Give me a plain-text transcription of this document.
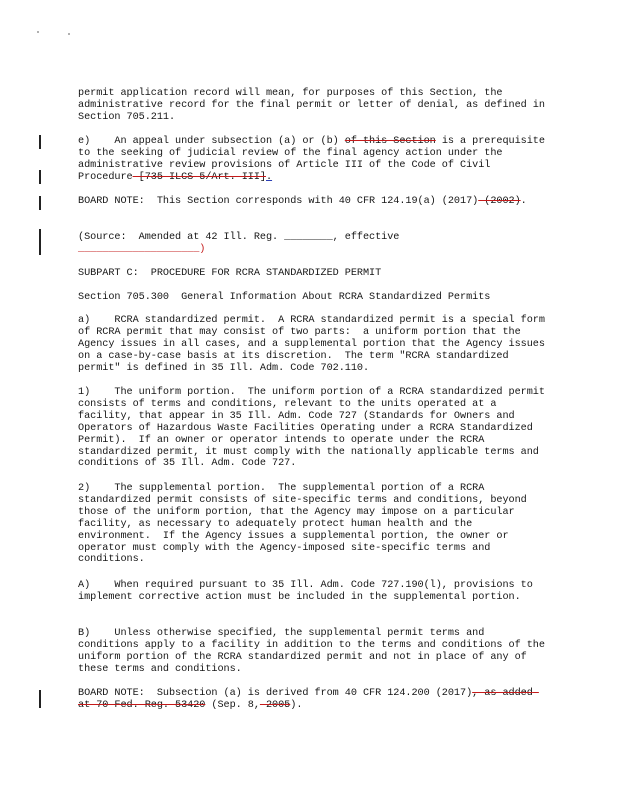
permit application record will mean, for purposes of this Section, the administrative record for the final permit or letter of denial, as defined in Section 705.211.

e)    An appeal under subsection (a) or (b) of this Section is a prerequisite to the seeking of judicial review of the final agency action under the administrative review provisions of Article III of the Code of Civil Procedure [735 ILCS 5/Art. III].

BOARD NOTE:  This Section corresponds with 40 CFR 124.19(a) (2017) (2002).

(Source:  Amended at 42 Ill. Reg. ________, effective
____________________)

SUBPART C:  PROCEDURE FOR RCRA STANDARDIZED PERMIT

Section 705.300  General Information About RCRA Standardized Permits

a)    RCRA standardized permit.  A RCRA standardized permit is a special form of RCRA permit that may consist of two parts:  a uniform portion that the Agency issues in all cases, and a supplemental portion that the Agency issues on a case-by-case basis at its discretion.  The term "RCRA standardized permit" is defined in 35 Ill. Adm. Code 702.110.

1)    The uniform portion.  The uniform portion of a RCRA standardized permit consists of terms and conditions, relevant to the units operated at a facility, that appear in 35 Ill. Adm. Code 727 (Standards for Owners and Operators of Hazardous Waste Facilities Operating under a RCRA Standardized Permit).  If an owner or operator intends to operate under the RCRA standardized permit, it must comply with the nationally applicable terms and conditions of 35 Ill. Adm. Code 727.

2)    The supplemental portion.  The supplemental portion of a RCRA standardized permit consists of site-specific terms and conditions, beyond those of the uniform portion, that the Agency may impose on a particular facility, as necessary to adequately protect human health and the environment.  If the Agency issues a supplemental portion, the owner or operator must comply with the Agency-imposed site-specific terms and conditions.

A)    When required pursuant to 35 Ill. Adm. Code 727.190(l), provisions to implement corrective action must be included in the supplemental portion.

B)    Unless otherwise specified, the supplemental permit terms and conditions apply to a facility in addition to the terms and conditions of the uniform portion of the RCRA standardized permit and not in place of any of these terms and conditions.

BOARD NOTE:  Subsection (a) is derived from 40 CFR 124.200 (2017), as added at 70 Fed. Reg. 53420 (Sep. 8, 2005).
